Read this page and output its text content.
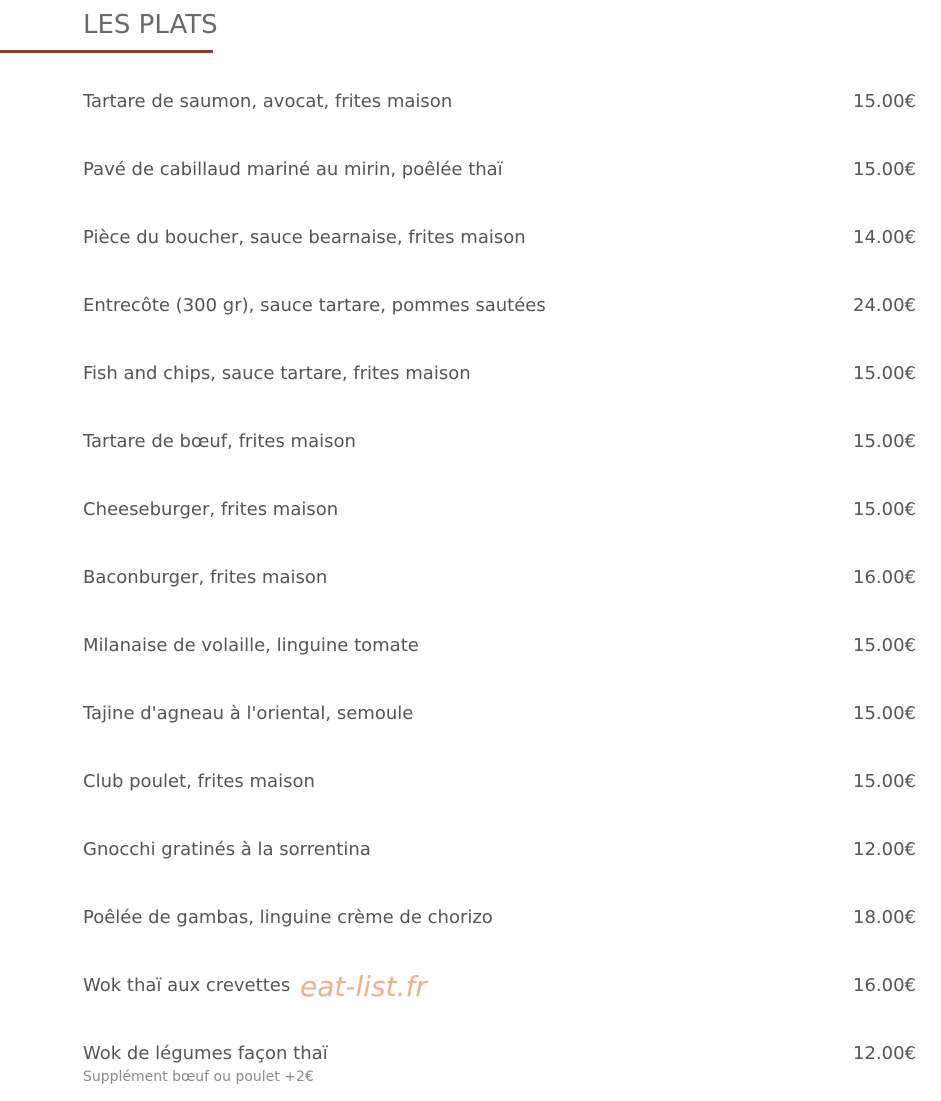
LES PLATS
Tartare de saumon, avocat, frites maison	15.00€
Pavé de cabillaud mariné au mirin, poêlée thaï	15.00€
Pièce du boucher, sauce bearnaise, frites maison	14.00€
Entrecôte (300 gr), sauce tartare, pommes sautées	24.00€
Fish and chips, sauce tartare, frites maison	15.00€
Tartare de bœuf, frites maison	15.00€
Cheeseburger, frites maison	15.00€
Baconburger, frites maison	16.00€
Milanaise de volaille, linguine tomate	15.00€
Tajine d'agneau à l'oriental, semoule	15.00€
Club poulet, frites maison	15.00€
Gnocchi gratinés à la sorrentina	12.00€
Poêlée de gambas, linguine crème de chorizo	18.00€
Wok thaï aux crevettes	16.00€
Wok de légumes façon thaï	12.00€
Supplément bœuf ou poulet +2€
eat-list.fr
